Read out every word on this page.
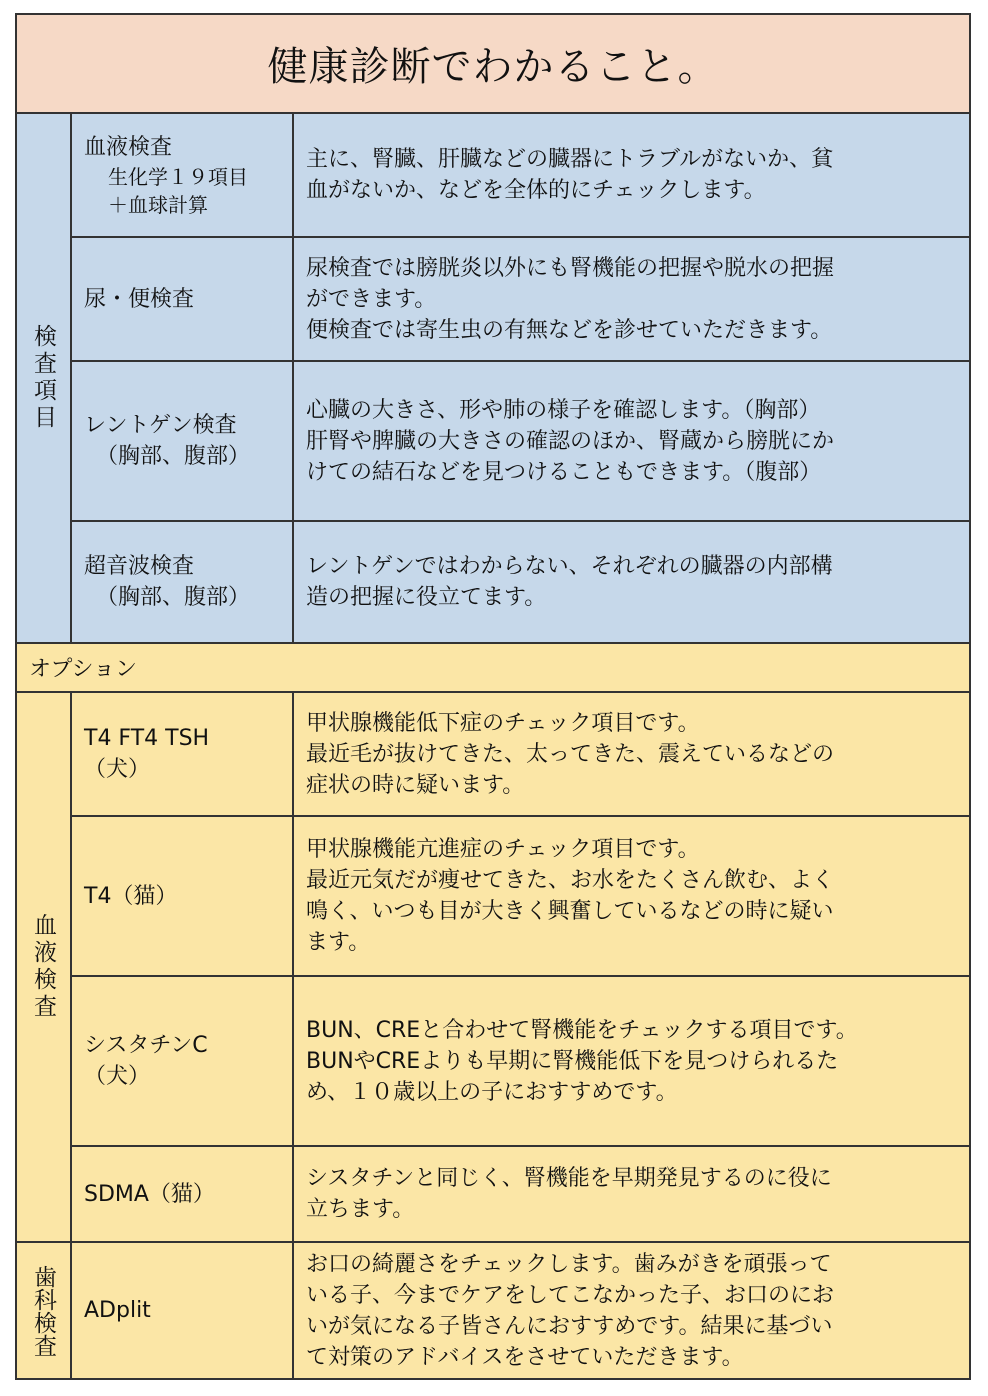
健康診断でわかること。
検査項目
血液検査
生化学１９項目
＋血球計算
主に、腎臓、肝臓などの臓器にトラブルがないか、貧
血がないか、などを全体的にチェックします。
尿・便検査
尿検査では膀胱炎以外にも腎機能の把握や脱水の把握
ができます。
便検査では寄生虫の有無などを診せていただきます。
レントゲン検査
（胸部、腹部）
心臓の大きさ、形や肺の様子を確認します。（胸部）
肝腎や脾臓の大きさの確認のほか、腎蔵から膀胱にか
けての結石などを見つけることもできます。（腹部）
超音波検査
（胸部、腹部）
レントゲンではわからない、それぞれの臓器の内部構
造の把握に役立てます。
オプション
血液検査
歯科検査
T4 FT4 TSH
（犬）
甲状腺機能低下症のチェック項目です。
最近毛が抜けてきた、太ってきた、震えているなどの
症状の時に疑います。
T4（猫）
甲状腺機能亢進症のチェック項目です。
最近元気だが痩せてきた、お水をたくさん飲む、よく
鳴く、いつも目が大きく興奮しているなどの時に疑い
ます。
シスタチンC
（犬）
BUN、CREと合わせて腎機能をチェックする項目です。
BUNやCREよりも早期に腎機能低下を見つけられるた
め、１０歳以上の子におすすめです。
SDMA（猫）
シスタチンと同じく、腎機能を早期発見するのに役に
立ちます。
ADplit
お口の綺麗さをチェックします。歯みがきを頑張って
いる子、今までケアをしてこなかった子、お口のにお
いが気になる子皆さんにおすすめです。結果に基づい
て対策のアドバイスをさせていただきます。
